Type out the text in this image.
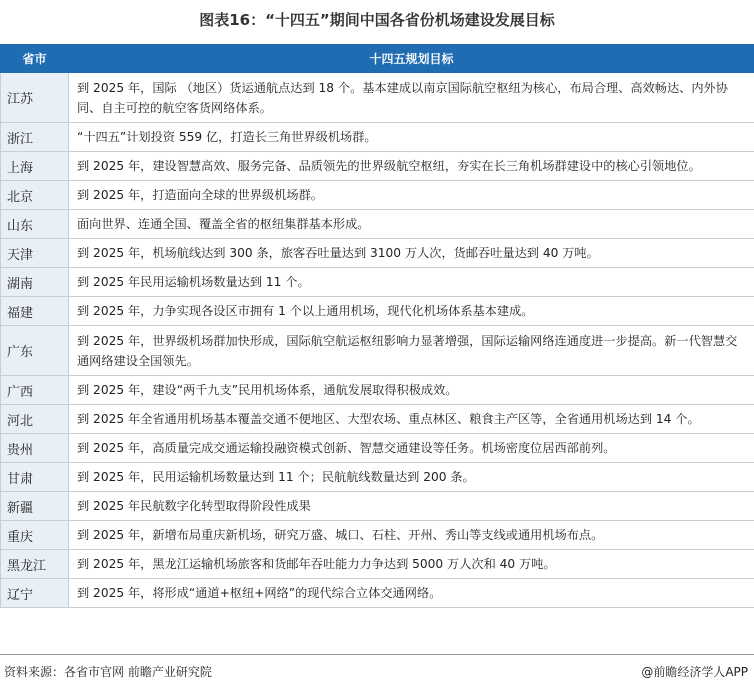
图表16：“十四五”期间中国各省份机场建设发展目标
省市	十四五规划目标
江苏	到 2025 年，国际 （地区）货运通航点达到 18 个。基本建成以南京国际航空枢纽为核心，布局合理、高效畅达、内外协同、自主可控的航空客货网络体系。
浙江	“十四五”计划投资 559 亿，打造长三角世界级机场群。
上海	到 2025 年，建设智慧高效、服务完备、品质领先的世界级航空枢纽，夯实在长三角机场群建设中的核心引领地位。
北京	到 2025 年，打造面向全球的世界级机场群。
山东	面向世界、连通全国、覆盖全省的枢纽集群基本形成。
天津	到 2025 年，机场航线达到 300 条，旅客吞吐量达到 3100 万人次，货邮吞吐量达到 40 万吨。
湖南	到 2025 年民用运输机场数量达到 11 个。
福建	到 2025 年，力争实现各设区市拥有 1 个以上通用机场，现代化机场体系基本建成。
广东	到 2025 年，世界级机场群加快形成，国际航空航运枢纽影响力显著增强，国际运输网络连通度进一步提高。新一代智慧交通网络建设全国领先。
广西	到 2025 年，建设“两千九支”民用机场体系，通航发展取得积极成效。
河北	到 2025 年全省通用机场基本覆盖交通不便地区、大型农场、重点林区、粮食主产区等，全省通用机场达到 14 个。
贵州	到 2025 年，高质量完成交通运输投融资模式创新、智慧交通建设等任务。机场密度位居西部前列。
甘肃	到 2025 年，民用运输机场数量达到 11 个；民航航线数量达到 200 条。
新疆	到 2025 年民航数字化转型取得阶段性成果
重庆	到 2025 年，新增布局重庆新机场，研究万盛、城口、石柱、开州、秀山等支线或通用机场布点。
黑龙江	到 2025 年，黑龙江运输机场旅客和货邮年吞吐能力力争达到 5000 万人次和 40 万吨。
辽宁	到 2025 年，将形成“通道+枢纽+网络”的现代综合立体交通网络。
资料来源：各省市官网 前瞻产业研究院	@前瞻经济学人APP
